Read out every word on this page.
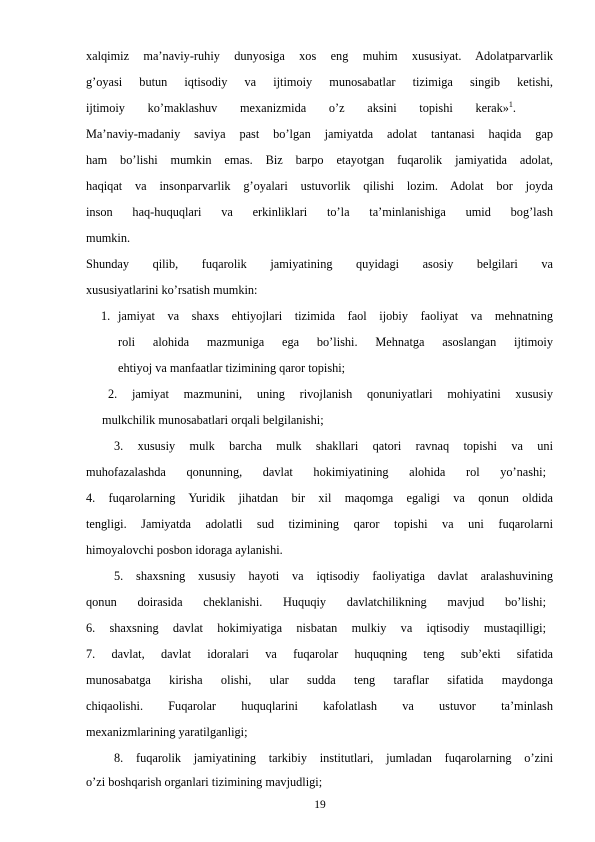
xalqimiz ma’naviy-ruhiy dunyosiga xos eng muhim xususiyat. Adolatparvarlik
g’oyasi butun iqtisodiy va ijtimoiy munosabatlar tizimiga singib ketishi,
ijtimoiy ko’maklashuv mexanizmida o’z aksini topishi kerak»$^1$.
Ma’naviy-madaniy saviya past bo’lgan jamiyatda adolat tantanasi haqida gap
ham bo’lishi mumkin emas. Biz barpo etayotgan fuqarolik jamiyatida adolat,
haqiqat va insonparvarlik g’oyalari ustuvorlik qilishi lozim. Adolat bor joyda
inson haq-huquqlari va erkinliklari to’la ta’minlanishiga umid bog’lash
mumkin.
Shunday qilib, fuqarolik jamiyatining quyidagi asosiy belgilari va
xususiyatlarini ko’rsatish mumkin:
1. jamiyat va shaxs ehtiyojlari tizimida faol ijobiy faoliyat va mehnatning
roli alohida mazmuniga ega bo’lishi. Mehnatga asoslangan ijtimoiy
ehtiyoj va manfaatlar tizimining qaror topishi;
2. jamiyat mazmunini, uning rivojlanish qonuniyatlari mohiyatini xususiy
mulkchilik munosabatlari orqali belgilanishi;
3. xususiy mulk barcha mulk shakllari qatori ravnaq topishi va uni
muhofazalashda qonunning, davlat hokimiyatining alohida rol yo’nashi;
4. fuqarolarning Yuridik jihatdan bir xil maqomga egaligi va qonun oldida
tengligi. Jamiyatda adolatli sud tizimining qaror topishi va uni fuqarolarni
himoyalovchi posbon idoraga aylanishi.
5. shaxsning xususiy hayoti va iqtisodiy faoliyatiga davlat aralashuvining
qonun doirasida cheklanishi. Huquqiy davlatchilikning mavjud bo’lishi;
6. shaxsning davlat hokimiyatiga nisbatan mulkiy va iqtisodiy mustaqilligi;
7. davlat, davlat idoralari va fuqarolar huquqning teng sub’ekti sifatida
munosabatga kirisha olishi, ular sudda teng taraflar sifatida maydonga
chiqaolishi. Fuqarolar huquqlarini kafolatlash va ustuvor ta’minlash
mexanizmlarining yaratilganligi;
8. fuqarolik jamiyatining tarkibiy institutlari, jumladan fuqarolarning o’zini
o’zi boshqarish organlari tizimining mavjudligi;
19
